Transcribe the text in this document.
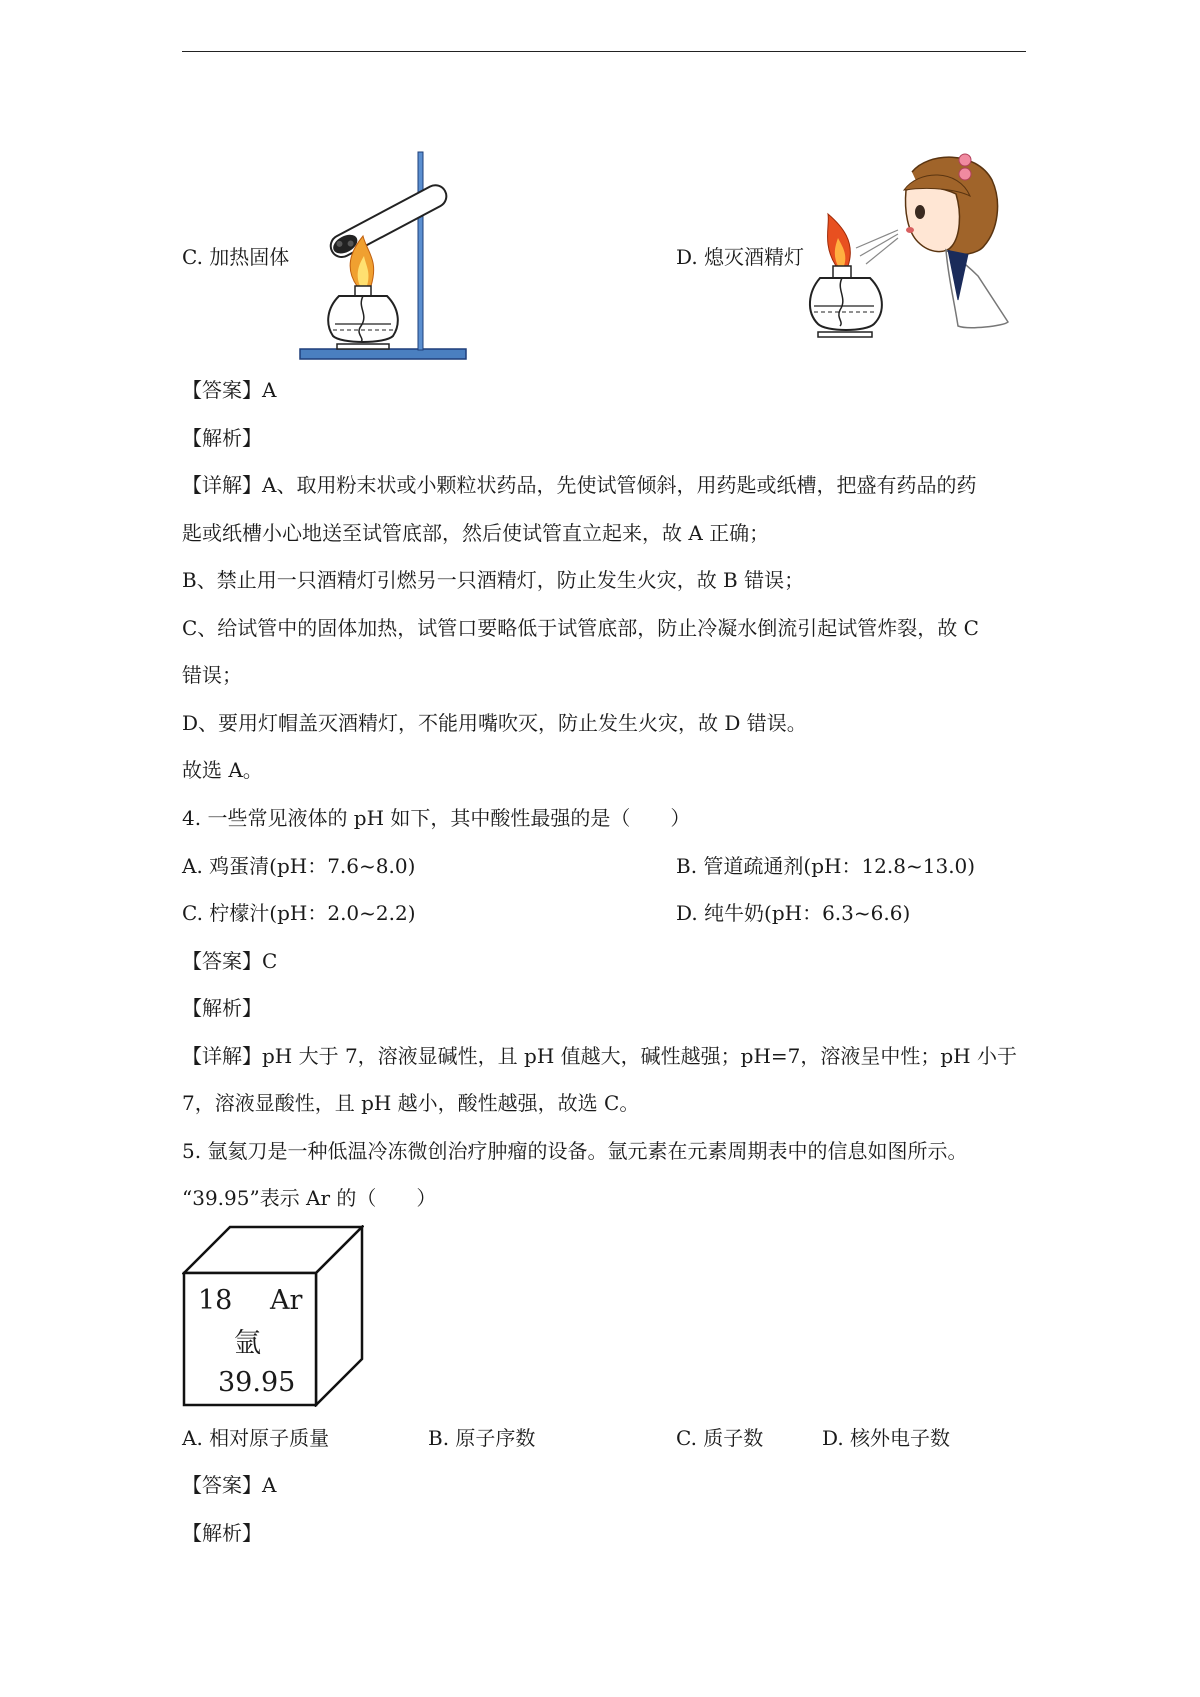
C. 加热固体	D. 熄灭酒精灯
【答案】A
【解析】
【详解】A、取用粉末状或小颗粒状药品，先使试管倾斜，用药匙或纸槽，把盛有药品的药
匙或纸槽小心地送至试管底部，然后使试管直立起来，故 A 正确；
B、禁止用一只酒精灯引燃另一只酒精灯，防止发生火灾，故 B 错误；
C、给试管中的固体加热，试管口要略低于试管底部，防止冷凝水倒流引起试管炸裂，故 C
错误；
D、要用灯帽盖灭酒精灯，不能用嘴吹灭，防止发生火灾，故 D 错误。
故选 A。
4. 一些常见液体的 pH 如下，其中酸性最强的是（　　）
A. 鸡蛋清(pH：7.6~8.0)	B. 管道疏通剂(pH：12.8~13.0)
C. 柠檬汁(pH：2.0~2.2)	D. 纯牛奶(pH：6.3~6.6)
【答案】C
【解析】
【详解】pH 大于 7，溶液显碱性，且 pH 值越大，碱性越强；pH=7，溶液呈中性；pH 小于
7，溶液显酸性，且 pH 越小，酸性越强，故选 C。
5. 氩氦刀是一种低温冷冻微创治疗肿瘤的设备。氩元素在元素周期表中的信息如图所示。
“39.95”表示 Ar 的（　　）
18 Ar
氩
39.95
A. 相对原子质量	B. 原子序数	C. 质子数	D. 核外电子数
【答案】A
【解析】
